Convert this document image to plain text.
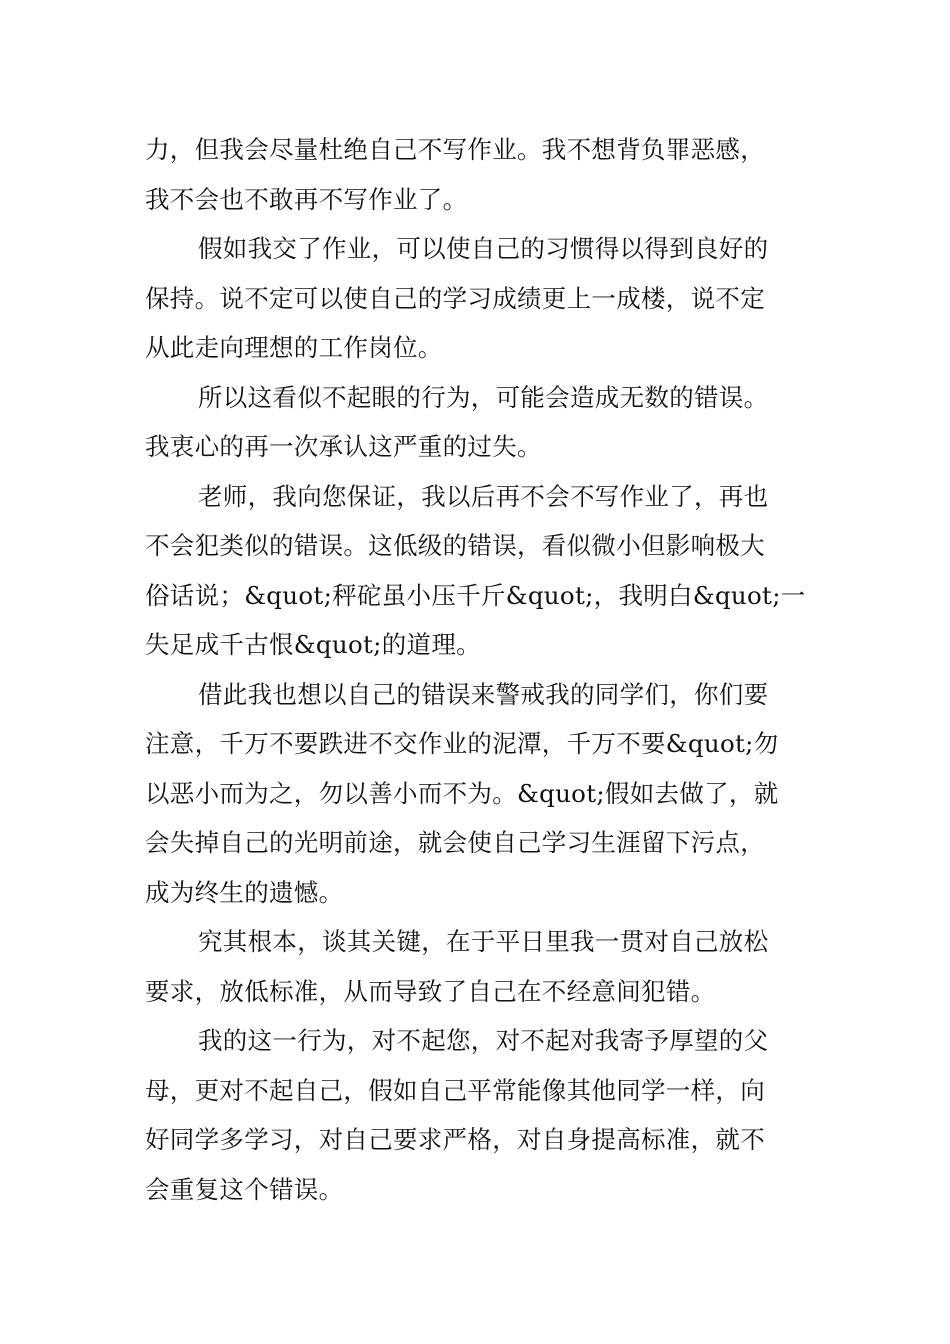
力，但我会尽量杜绝自己不写作业。我不想背负罪恶感，
我不会也不敢再不写作业了。
假如我交了作业，可以使自己的习惯得以得到良好的
保持。说不定可以使自己的学习成绩更上一成楼，说不定
从此走向理想的工作岗位。
所以这看似不起眼的行为，可能会造成无数的错误。
我衷心的再一次承认这严重的过失。
老师，我向您保证，我以后再不会不写作业了，再也
不会犯类似的错误。这低级的错误，看似微小但影响极大
俗话说；&quot;秤砣虽小压千斤&quot;，我明白&quot;一
失足成千古恨&quot;的道理。
借此我也想以自己的错误来警戒我的同学们，你们要
注意，千万不要跌进不交作业的泥潭，千万不要&quot;勿
以恶小而为之，勿以善小而不为。&quot;假如去做了，就
会失掉自己的光明前途，就会使自己学习生涯留下污点，
成为终生的遗憾。
究其根本，谈其关键，在于平日里我一贯对自己放松
要求，放低标准，从而导致了自己在不经意间犯错。
我的这一行为，对不起您，对不起对我寄予厚望的父
母，更对不起自己，假如自己平常能像其他同学一样，向
好同学多学习，对自己要求严格，对自身提高标准，就不
会重复这个错误。
